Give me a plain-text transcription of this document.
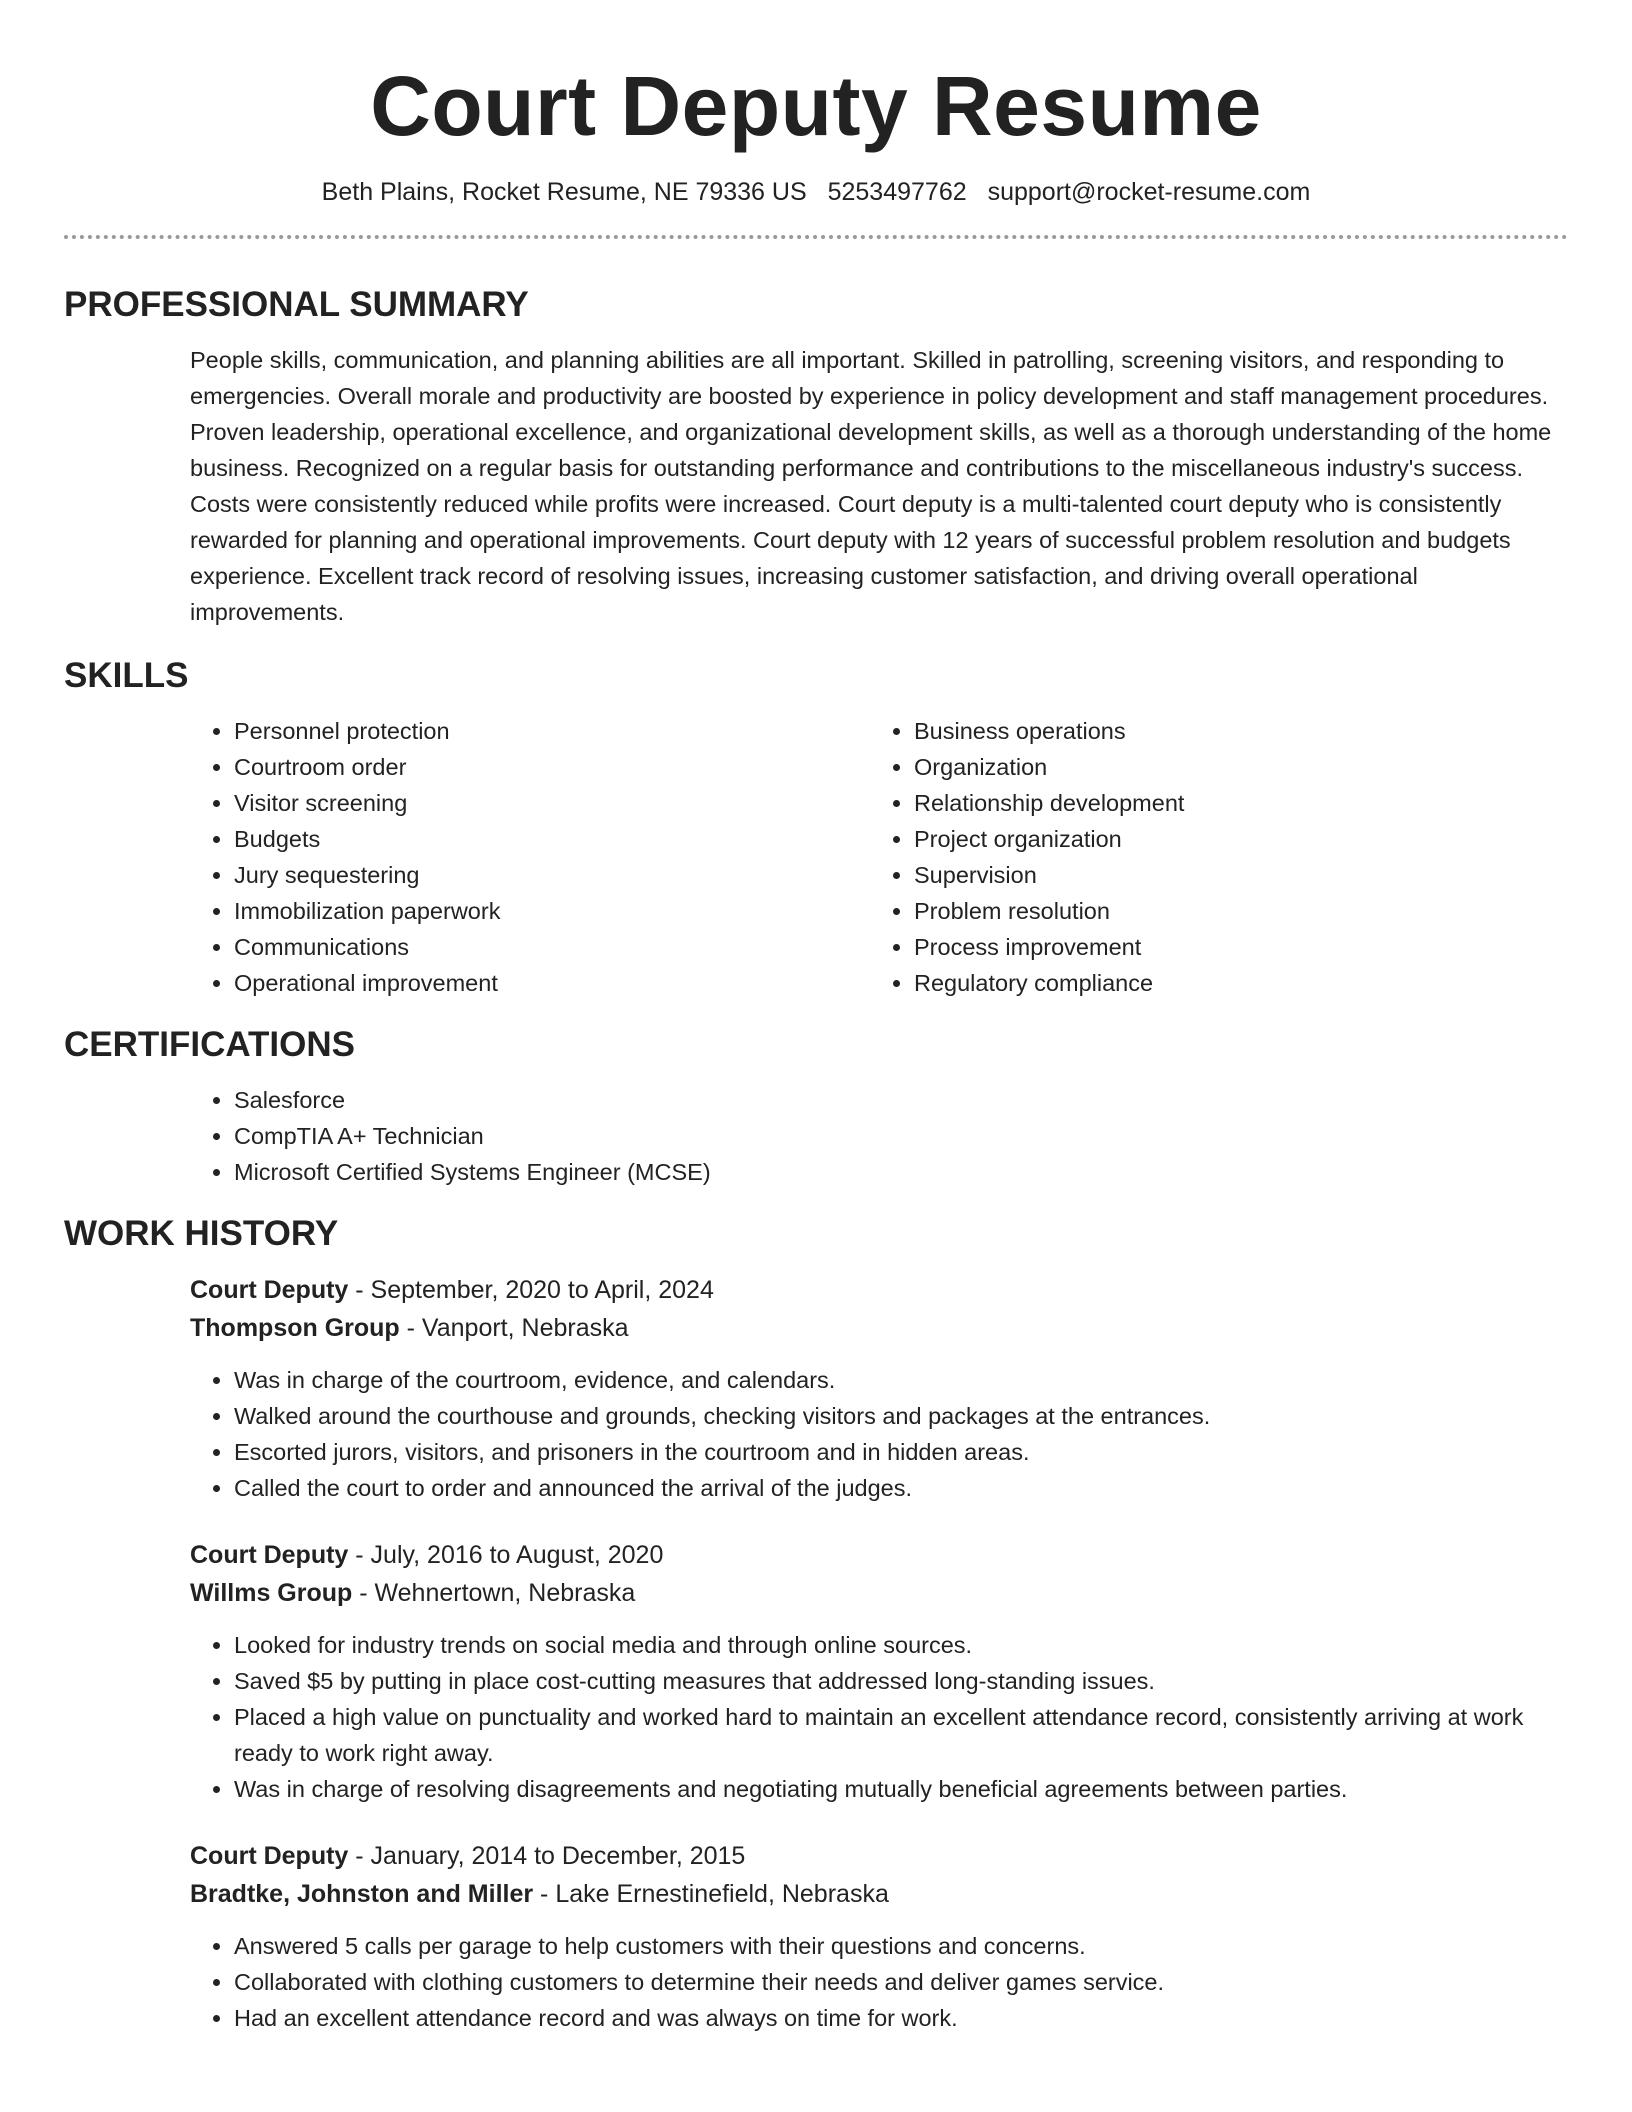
Court Deputy Resume
Beth Plains, Rocket Resume, NE 79336 US 5253497762 support@rocket-resume.com
PROFESSIONAL SUMMARY

People skills, communication, and planning abilities are all important. Skilled in patrolling, screening visitors, and responding to emergencies. Overall morale and productivity are boosted by experience in policy development and staff management procedures. Proven leadership, operational excellence, and organizational development skills, as well as a thorough understanding of the home business. Recognized on a regular basis for outstanding performance and contributions to the miscellaneous industry's success. Costs were consistently reduced while profits were increased. Court deputy is a multi-talented court deputy who is consistently rewarded for planning and operational improvements. Court deputy with 12 years of successful problem resolution and budgets experience. Excellent track record of resolving issues, increasing customer satisfaction, and driving overall operational improvements.

SKILLS
• Personnel protection
• Courtroom order
• Visitor screening
• Budgets
• Jury sequestering
• Immobilization paperwork
• Communications
• Operational improvement
• Business operations
• Organization
• Relationship development
• Project organization
• Supervision
• Problem resolution
• Process improvement
• Regulatory compliance
CERTIFICATIONS
• Salesforce
• CompTIA A+ Technician
• Microsoft Certified Systems Engineer (MCSE)
WORK HISTORY
Court Deputy - September, 2020 to April, 2024
Thompson Group - Vanport, Nebraska
• Was in charge of the courtroom, evidence, and calendars.
• Walked around the courthouse and grounds, checking visitors and packages at the entrances.
• Escorted jurors, visitors, and prisoners in the courtroom and in hidden areas.
• Called the court to order and announced the arrival of the judges.
Court Deputy - July, 2016 to August, 2020
Willms Group - Wehnertown, Nebraska
• Looked for industry trends on social media and through online sources.
• Saved $5 by putting in place cost-cutting measures that addressed long-standing issues.
• Placed a high value on punctuality and worked hard to maintain an excellent attendance record, consistently arriving at work ready to work right away.
• Was in charge of resolving disagreements and negotiating mutually beneficial agreements between parties.
Court Deputy - January, 2014 to December, 2015
Bradtke, Johnston and Miller - Lake Ernestinefield, Nebraska
• Answered 5 calls per garage to help customers with their questions and concerns.
• Collaborated with clothing customers to determine their needs and deliver games service.
• Had an excellent attendance record and was always on time for work.
